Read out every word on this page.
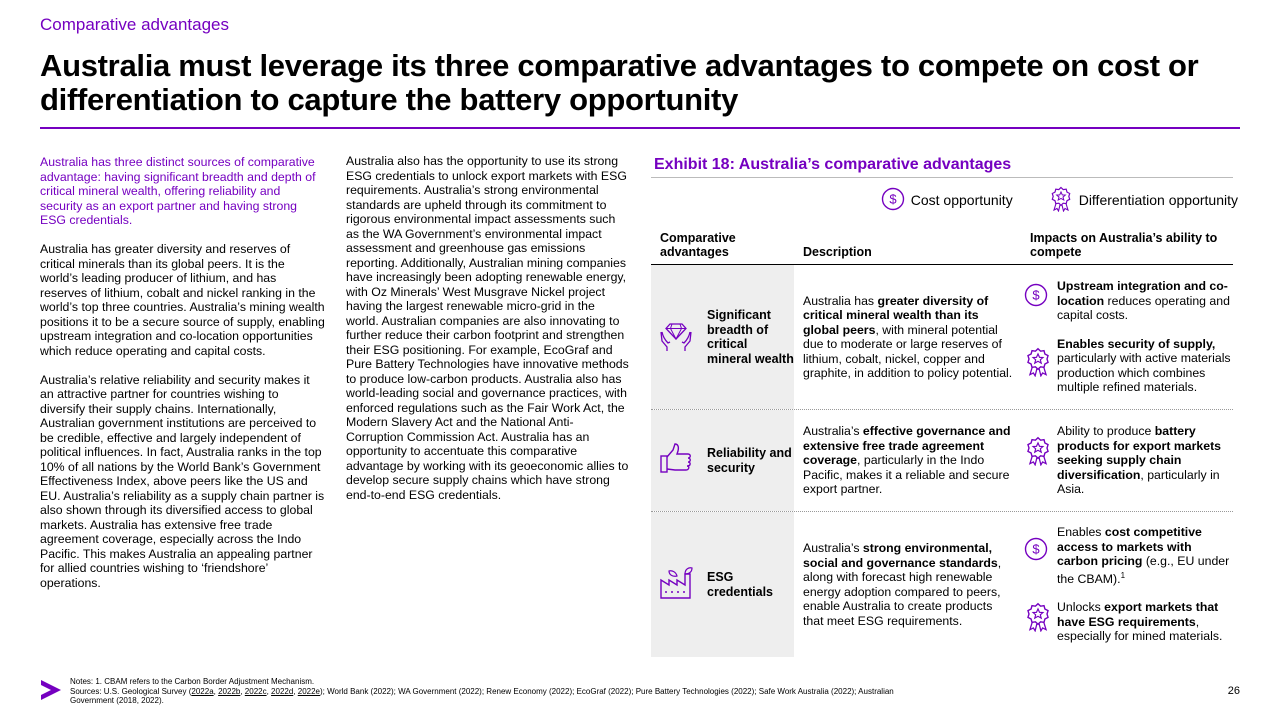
Comparative advantages
Australia must leverage its three comparative advantages to compete on cost or differentiation to capture the battery opportunity

Australia has three distinct sources of comparative advantage: having significant breadth and depth of critical mineral wealth, offering reliability and security as an export partner and having strong ESG credentials.

Australia has greater diversity and reserves of critical minerals than its global peers. It is the world’s leading producer of lithium, and has reserves of lithium, cobalt and nickel ranking in the world’s top three countries. Australia’s mining wealth positions it to be a secure source of supply, enabling upstream integration and co-location opportunities which reduce operating and capital costs.

Australia’s relative reliability and security makes it an attractive partner for countries wishing to diversify their supply chains. Internationally, Australian government institutions are perceived to be credible, effective and largely independent of political influences. In fact, Australia ranks in the top 10% of all nations by the World Bank’s Government Effectiveness Index, above peers like the US and EU. Australia’s reliability as a supply chain partner is also shown through its diversified access to global markets. Australia has extensive free trade agreement coverage, especially across the Indo Pacific. This makes Australia an appealing partner for allied countries wishing to ‘friendshore’ operations.

Australia also has the opportunity to use its strong ESG credentials to unlock export markets with ESG requirements. Australia’s strong environmental standards are upheld through its commitment to rigorous environmental impact assessments such as the WA Government’s environmental impact assessment and greenhouse gas emissions reporting. Additionally, Australian mining companies have increasingly been adopting renewable energy, with Oz Minerals’ West Musgrave Nickel project having the largest renewable micro-grid in the world. Australian companies are also innovating to further reduce their carbon footprint and strengthen their ESG positioning. For example, EcoGraf and Pure Battery Technologies have innovative methods to produce low-carbon products. Australia also has world-leading social and governance practices, with enforced regulations such as the Fair Work Act, the Modern Slavery Act and the National Anti-Corruption Commission Act. Australia has an opportunity to accentuate this comparative advantage by working with its geoeconomic allies to develop secure supply chains which have strong end-to-end ESG credentials.

Exhibit 18: Australia’s comparative advantages
$ Cost opportunity	Differentiation opportunity
Comparative advantages	Description
Impacts on Australia’s ability to compete
Significant breadth of critical mineral wealth
Australia has greater diversity of critical mineral wealth than its global peers, with mineral potential due to moderate or large reserves of lithium, cobalt, nickel, copper and graphite, in addition to policy potential.
$
Upstream integration and co-location reduces operating and capital costs.
Enables security of supply, particularly with active materials production which combines multiple refined materials.
Reliability and security
Australia’s effective governance and extensive free trade agreement coverage, particularly in the Indo Pacific, makes it a reliable and secure export partner.
Ability to produce battery products for export markets seeking supply chain diversification, particularly in Asia.
ESG credentials
Australia’s strong environmental, social and governance standards, along with forecast high renewable energy adoption compared to peers, enable Australia to create products that meet ESG requirements.
$
Enables cost competitive access to markets with carbon pricing (e.g., EU under the CBAM).$^1$
Unlocks export markets that have ESG requirements, especially for mined materials.
Notes: 1. CBAM refers to the Carbon Border Adjustment Mechanism.
Sources: U.S. Geological Survey (2022a, 2022b, 2022c, 2022d, 2022e); World Bank (2022); WA Government (2022); Renew Economy (2022); EcoGraf (2022); Pure Battery Technologies (2022); Safe Work Australia (2022); Australian
Government (2018, 2022).
26
